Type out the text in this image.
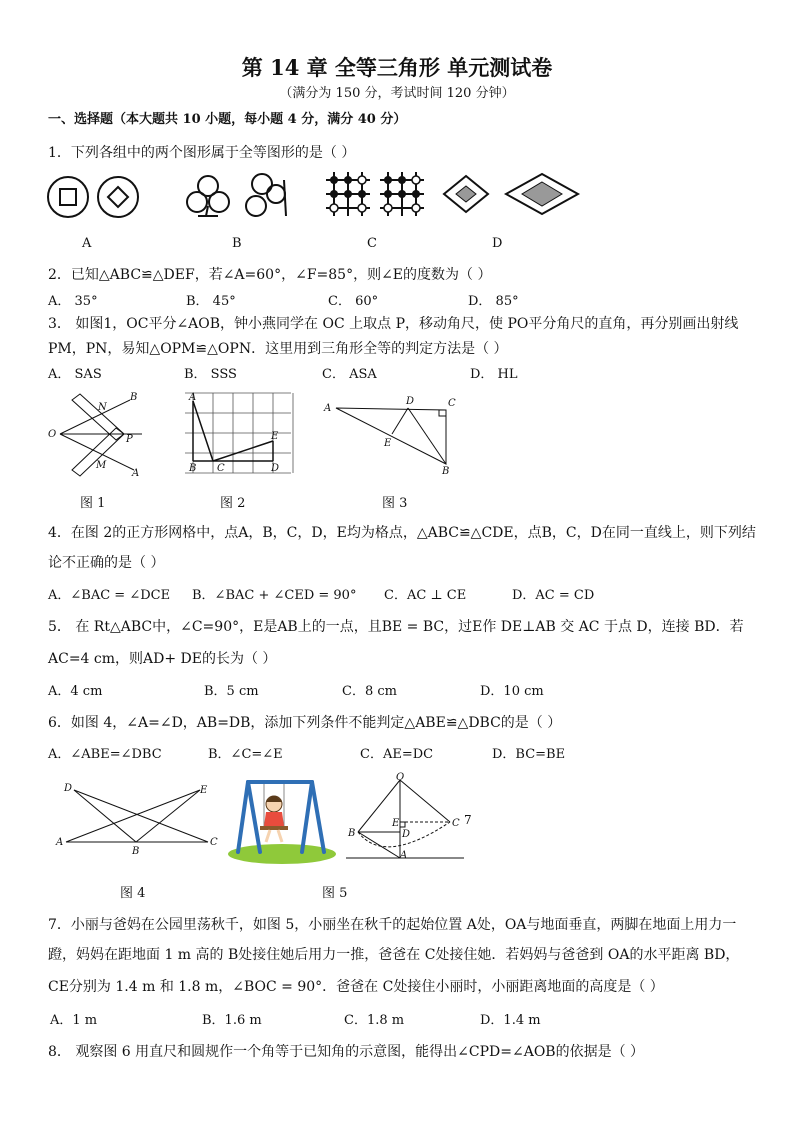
第 14 章 全等三角形 单元测试卷
（满分为 150 分，考试时间 120 分钟）
一、选择题（本大题共 10 小题，每小题 4 分，满分 40 分）
1．下列各组中的两个图形属于全等图形的是（ ）
A	B	C	D
2．已知△ABC≌△DEF，若∠A=60°，∠F=85°，则∠E的度数为（ ）
A． 35°	B． 45°	C． 60°	D． 85°
3． 如图1，OC平分∠AOB，钟小燕同学在 OC 上取点 P，移动角尺，使 PO平分角尺的直角，再分别画出射线
PM，PN，易知△OPM≌△OPN．这里用到三角形全等的判定方法是（ ）
A． SAS	B． SSS	C． ASA	D． HL
O
N
B
P
M
A
A
E
B C	D
A
D	C
E
B
图 1	图 2	图 3
4．在图 2的正方形网格中，点A，B，C，D，E均为格点，△ABC≌△CDE，点B，C，D在同一直线上，则下列结
论不正确的是（ ）
A．∠BAC = ∠DCE B．∠BAC + ∠CED = 90° C．AC ⊥ CE	D．AC = CD
5． 在 Rt△ABC中，∠C=90°，E是AB上的一点，且BE = BC，过E作 DE⊥AB 交 AC 于点 D，连接 BD．若
AC=4 cm，则AD+ DE的长为（ ）
A．4 cm	B．5 cm	C．8 cm	D．10 cm
6．如图 4，∠A=∠D，AB=DB，添加下列条件不能判定△ABE≌△DBC的是（ ）
A．∠ABE=∠DBC	B．∠C=∠E	C．AE=DC	D．BC=BE
D	E
A
B
C
O
B
E
D
C
A
7
图 4	图 5
7．小丽与爸妈在公园里荡秋千，如图 5，小丽坐在秋千的起始位置 A处，OA与地面垂直，两脚在地面上用力一
蹬，妈妈在距地面 1 m 高的 B处接住她后用力一推，爸爸在 C处接住她．若妈妈与爸爸到 OA的水平距离 BD，
CE分别为 1.4 m 和 1.8 m，∠BOC = 90°．爸爸在 C处接住小丽时，小丽距离地面的高度是（ ）
A．1 m	B．1.6 m	C．1.8 m	D．1.4 m
8． 观察图 6 用直尺和圆规作一个角等于已知角的示意图，能得出∠CPD=∠AOB的依据是（ ）
